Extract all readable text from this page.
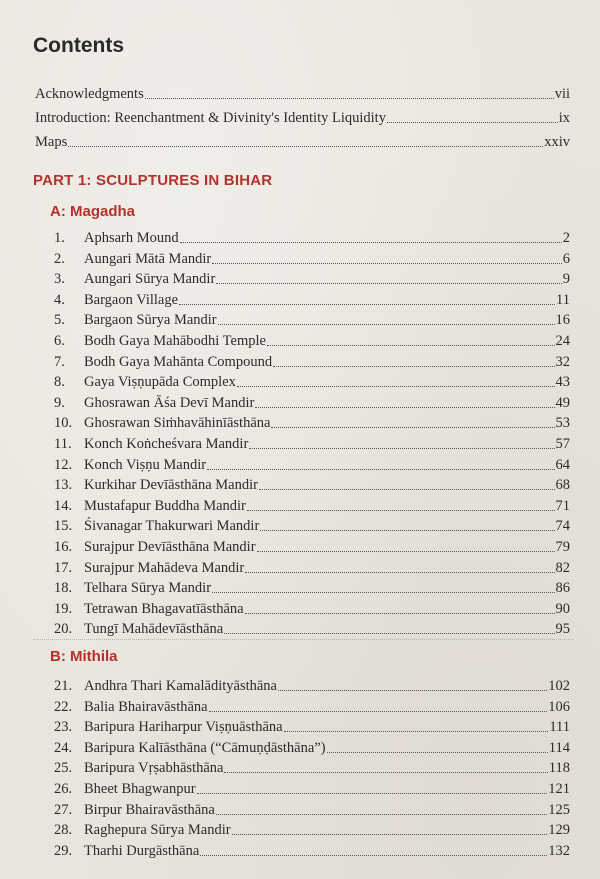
Contents
Acknowledgments	vii
Introduction: Reenchantment & Divinity's Identity Liquidity	ix
Maps	xxiv
PART 1: SCULPTURES IN BIHAR
A: Magadha
1.	Aphsarh Mound	2
2.	Aungari Mātā Mandir	6
3.	Aungari Sūrya Mandir	9
4.	Bargaon Village	11
5.	Bargaon Sūrya Mandir	16
6.	Bodh Gaya Mahābodhi Temple	24
7.	Bodh Gaya Mahānta Compound	32
8.	Gaya Viṣṇupāda Complex	43
9.	Ghosrawan Āśa Devī Mandir	49
10. Ghosrawan Siṁhavāhinīāsthāna	53
11. Konch Koṅcheśvara Mandir	57
12. Konch Viṣṇu Mandir	64
13. Kurkihar Devīāsthāna Mandir	68
14. Mustafapur Buddha Mandir	71
15. Śivanagar Thakurwari Mandir	74
16. Surajpur Devīāsthāna Mandir	79
17. Surajpur Mahādeva Mandir	82
18. Telhara Sūrya Mandir	86
19. Tetrawan Bhagavatīāsthāna	90
20. Tungī Mahādevīāsthāna	95
B: Mithila
21. Andhra Thari Kamalādityāsthāna	102
22. Balia Bhairavāsthāna	106
23. Baripura Hariharpur Viṣṇuāsthāna	111
24. Baripura Kalīāsthāna (“Cāmuṇḍāsthāna”)	114
25. Baripura Vṛṣabhāsthāna	118
26. Bheet Bhagwanpur	121
27. Birpur Bhairavāsthāna	125
28. Raghepura Sūrya Mandir	129
29. Tharhi Durgāsthāna	132
